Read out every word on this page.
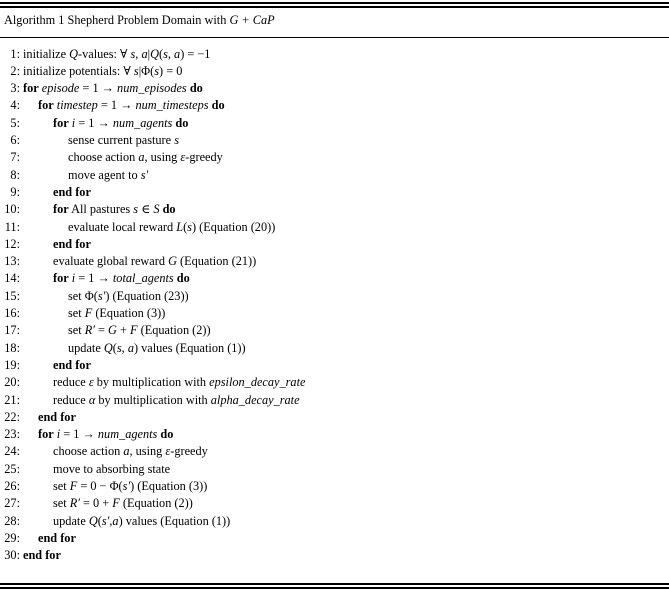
Algorithm 1 Shepherd Problem Domain with G + CaP
1 : initialize Q-values: ∀ s, a|Q(s, a) = −1
2 : initialize potentials: ∀ s|Φ(s) = 0
3 : for episode = 1 → num_episodes do
4 : for timestep = 1 → num_timesteps do
5 :	for i = 1 → num_agents do
6 :	sense current pasture s
7 :	choose action a, using ε-greedy
8 :	move agent to s′
9 :	end for
10 :	for All pastures s ∈ S do
11 :	evaluate local reward L(s) (Equation (20))
12 :	end for
13 :	evaluate global reward G (Equation (21))
14 :	for i = 1 → total_agents do
15 :	set Φ(s′) (Equation (23))
16 :	set F (Equation (3))
17 :	set R′ = G + F (Equation (2))
18 :	update Q(s, a) values (Equation (1))
19 :	end for
20 :	reduce ε by multiplication with epsilon_decay_rate
21 :	reduce α by multiplication with alpha_decay_rate
22 : end for
23 : for i = 1 → num_agents do
24 :	choose action a, using ε-greedy
25 :	move to absorbing state
26 :	set F = 0 − Φ(s′) (Equation (3))
27 :	set R′ = 0 + F (Equation (2))
28 :	update Q(s′,a) values (Equation (1))
29 : end for
30 : end for
